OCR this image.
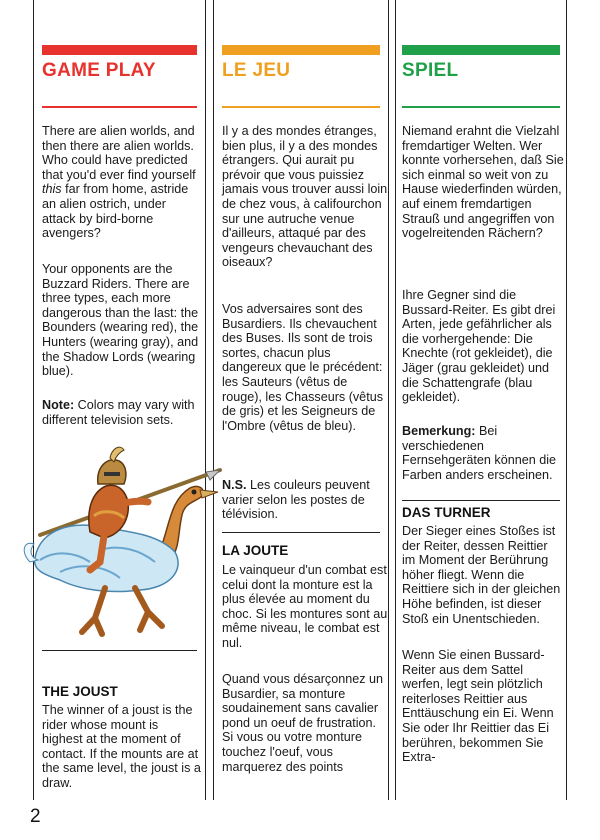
GAME PLAY

There are alien worlds, and then there are alien worlds. Who could have predicted that you'd ever find yourself this far from home, astride an alien ostrich, under attack by bird-borne avengers?

Your opponents are the Buzzard Riders. There are three types, each more dangerous than the last: the Bounders (wearing red), the Hunters (wearing gray), and the Shadow Lords (wearing blue).

Note: Colors may vary with different television sets.

THE JOUST

The winner of a joust is the rider whose mount is highest at the moment of contact. If the mounts are at the same level, the joust is a draw.

LE JEU

Il y a des mondes étranges, bien plus, il y a des mondes étrangers. Qui aurait pu prévoir que vous puissiez jamais vous trouver aussi loin de chez vous, à califourchon sur une autruche venue d'ailleurs, attaqué par des vengeurs chevauchant des oiseaux?

Vos adversaires sont des Busardiers. Ils chevauchent des Buses. Ils sont de trois sortes, chacun plus dangereux que le précédent: les Sauteurs (vêtus de rouge), les Chasseurs (vêtus de gris) et les Seigneurs de l'Ombre (vêtus de bleu).

N.S. Les couleurs peuvent varier selon les postes de télévision.

LA JOUTE

Le vainqueur d'un combat est celui dont la monture est la plus élevée au moment du choc. Si les montures sont au même niveau, le combat est nul.

Quand vous désarçonnez un Busardier, sa monture soudainement sans cavalier pond un oeuf de frustration. Si vous ou votre monture touchez l'oeuf, vous marquerez des points

SPIEL

Niemand erahnt die Vielzahl fremdartiger Welten. Wer konnte vorhersehen, daß Sie sich einmal so weit von zu Hause wiederfinden würden, auf einem fremdartigen Strauß und angegriffen von vogelreitenden Rächern?

Ihre Gegner sind die Bussard-Reiter. Es gibt drei Arten, jede gefährlicher als die vorhergehende: Die Knechte (rot gekleidet), die Jäger (grau gekleidet) und die Schattengrafe (blau gekleidet).

Bemerkung: Bei verschiedenen Fernsehgeräten können die Farben anders erscheinen.

DAS TURNER

Der Sieger eines Stoßes ist der Reiter, dessen Reittier im Moment der Berührung höher fliegt. Wenn die Reittiere sich in der gleichen Höhe befinden, ist dieser Stoß ein Unentschieden.

Wenn Sie einen Bussard-Reiter aus dem Sattel werfen, legt sein plötzlich reiterloses Reittier aus Enttäuschung ein Ei. Wenn Sie oder Ihr Reittier das Ei berühren, bekommen Sie Extra-

2
